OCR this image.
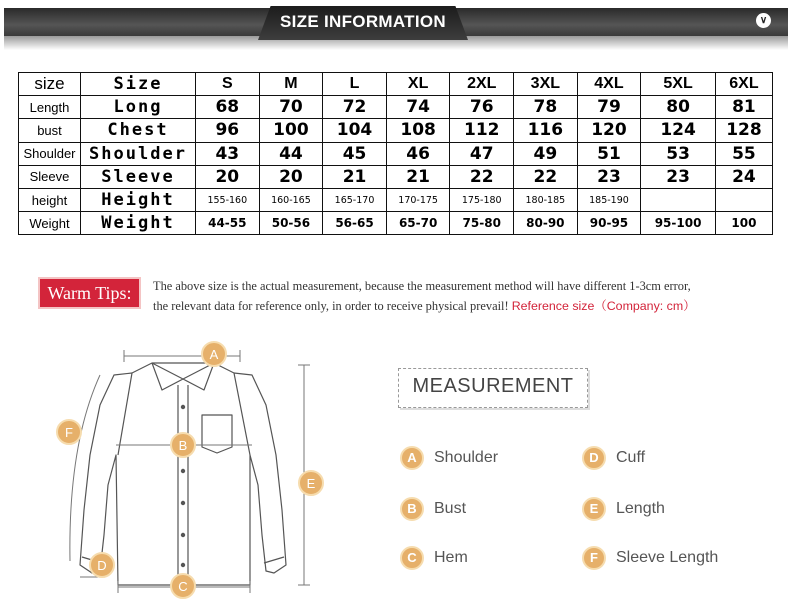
SIZE INFORMATION	∨
size	Size	S	M	L	XL	2XL	3XL	4XL	5XL	6XL
Length	Long	68	70	72	74	76	78	79	80	81
bust	Chest	96	100	104	108	112	116	120	124	128
Shoulder	Shoulder	43	44	45	46	47	49	51	53	55
Sleeve	Sleeve	20	20	21	21	22	22	23	23	24
height	Height	155-160	160-165	165-170	170-175	175-180	180-185	185-190		
Weight	Weight	44-55	50-56	56-65	65-70	75-80	80-90	90-95	95-100	100
Warm Tips:	The above size is the actual measurement, because the measurement method will have different 1-3cm error,
the relevant data for reference only, in order to receive physical prevail! Reference size（Company: cm）
A
B
C
D
E
F
MEASUREMENT
A	Shoulder	D	Cuff
B	Bust	E	Length
C	Hem	F	Sleeve Length
